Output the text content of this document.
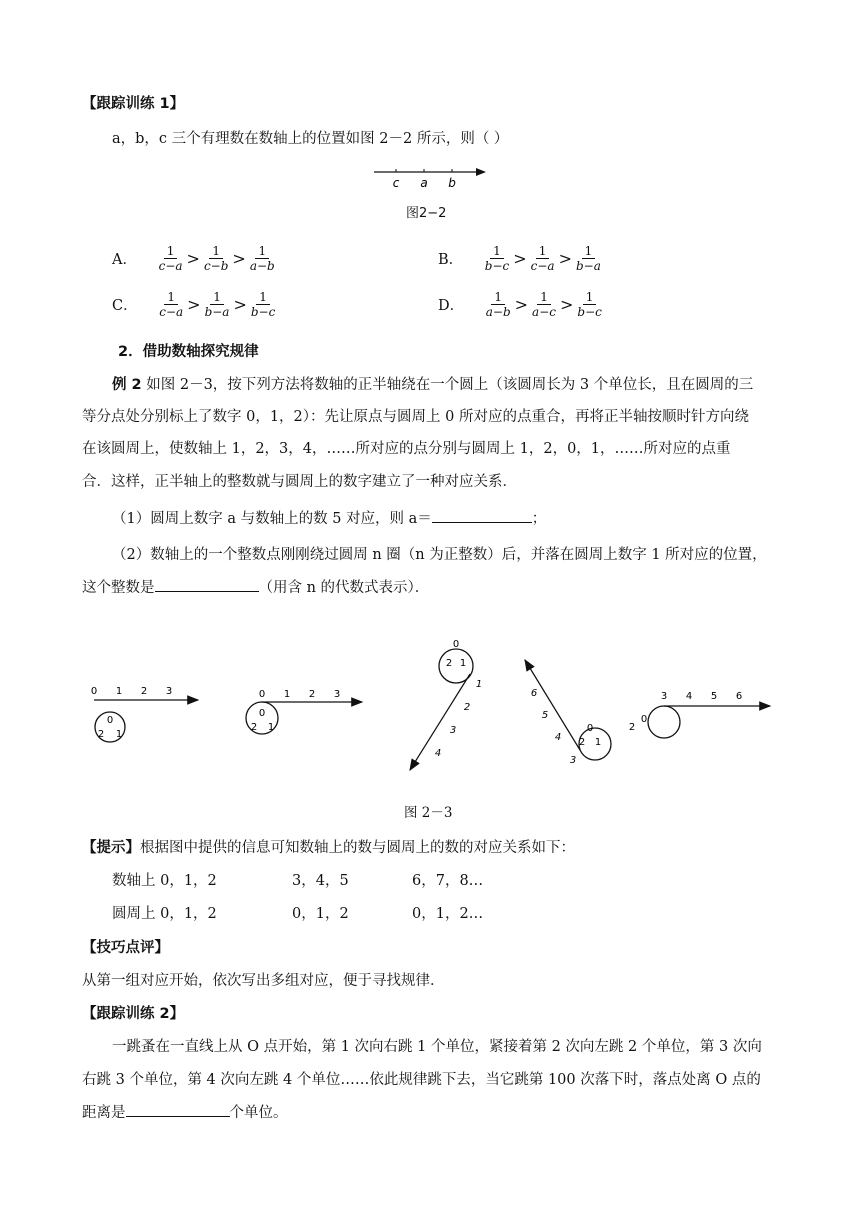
【跟踪训练 1】
a，b，c 三个有理数在数轴上的位置如图 2－2 所示，则（ ）
c a b
图2−2
A． $\frac{1}{c-a} > \frac{1}{c-b} > \frac{1}{a-b}$	B． $\frac{1}{b-c} > \frac{1}{c-a} > \frac{1}{b-a}$
C． $\frac{1}{c-a} > \frac{1}{b-a} > \frac{1}{b-c}$	D． $\frac{1}{a-b} > \frac{1}{a-c} > \frac{1}{b-c}$
2．借助数轴探究规律
例 2 如图 2－3，按下列方法将数轴的正半轴绕在一个圆上（该圆周长为 3 个单位长，且在圆周的三
等分点处分别标上了数字 0，1，2）：先让原点与圆周上 0 所对应的点重合，再将正半轴按顺时针方向绕
在该圆周上，使数轴上 1，2，3，4，……所对应的点分别与圆周上 1，2，0，1，……所对应的点重
合．这样，正半轴上的整数就与圆周上的数字建立了一种对应关系．
（1）圆周上数字 a 与数轴上的数 5 对应，则 a＝	；
（2）数轴上的一个整数点刚刚绕过圆周 n 圈（n 为正整数）后，并落在圆周上数字 1 所对应的位置，
这个整数是	（用含 n 的代数式表示）．
0 1 2 3
0
2 1
0 1 2 3
0
2 1
0
2 1
1
2
3
4
0
2 1
3
4
5
6
2
0
3 4 5 6
图 2－3
【提示】根据图中提供的信息可知数轴上的数与圆周上的数的对应关系如下：
数轴上 0，1，2	3，4，5	6，7，8…
圆周上 0，1，2	0，1，2	0，1，2…
【技巧点评】
从第一组对应开始，依次写出多组对应，便于寻找规律．
【跟踪训练 2】
一跳蚤在一直线上从 O 点开始，第 1 次向右跳 1 个单位，紧接着第 2 次向左跳 2 个单位，第 3 次向
右跳 3 个单位，第 4 次向左跳 4 个单位……依此规律跳下去，当它跳第 100 次落下时，落点处离 O 点的
距离是	个单位。
